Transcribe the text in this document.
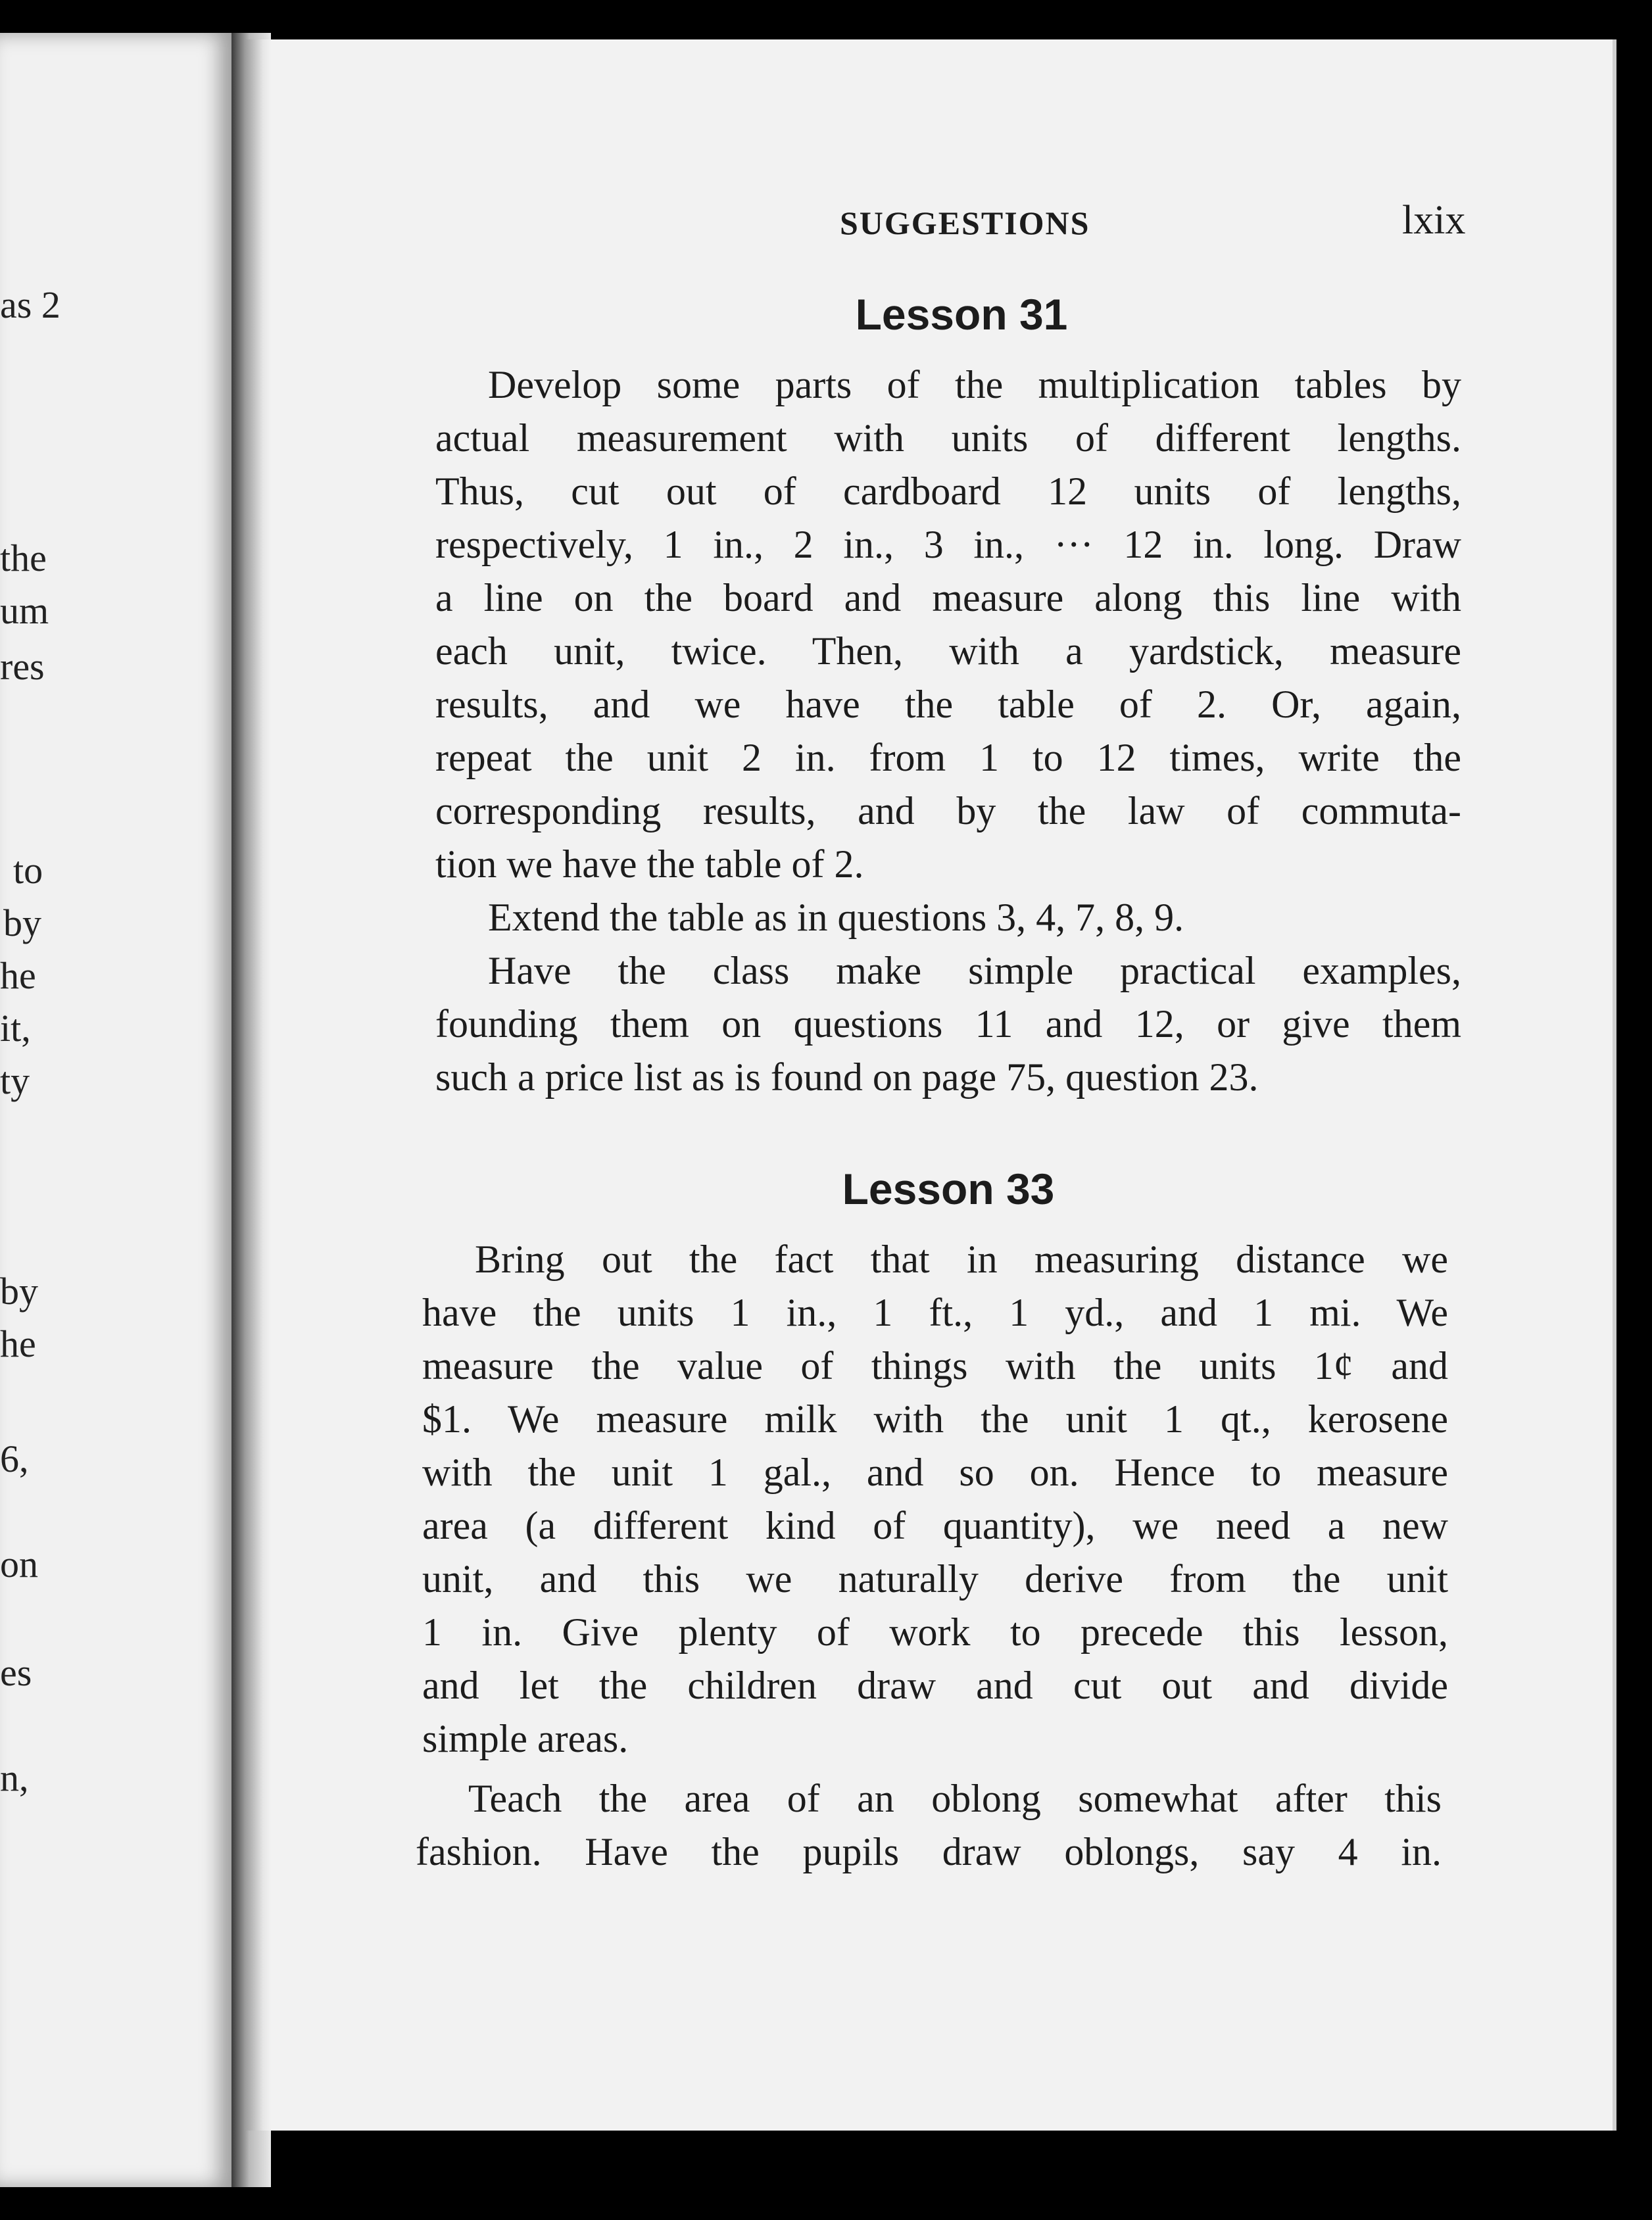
as 2
the
um
res
to
by
he
it,
ty
by
he
6,
on
es
n,
SUGGESTIONS	lxix
Lesson 31
Develop some parts of the multiplication tables by
actual measurement with units of different lengths.
Thus, cut out of cardboard 12 units of lengths,
respectively, 1 in., 2 in., 3 in., ··· 12 in. long. Draw
a line on the board and measure along this line with
each unit, twice. Then, with a yardstick, measure
results, and we have the table of 2. Or, again,
repeat the unit 2 in. from 1 to 12 times, write the
corresponding results, and by the law of commuta-
tion we have the table of 2.
Extend the table as in questions 3, 4, 7, 8, 9.
Have the class make simple practical examples,
founding them on questions 11 and 12, or give them
such a price list as is found on page 75, question 23.
Lesson 33
Bring out the fact that in measuring distance we
have the units 1 in., 1 ft., 1 yd., and 1 mi. We
measure the value of things with the units 1¢ and
$1. We measure milk with the unit 1 qt., kerosene
with the unit 1 gal., and so on. Hence to measure
area (a different kind of quantity), we need a new
unit, and this we naturally derive from the unit
1 in. Give plenty of work to precede this lesson,
and let the children draw and cut out and divide
simple areas.
Teach the area of an oblong somewhat after this
fashion. Have the pupils draw oblongs, say 4 in.
